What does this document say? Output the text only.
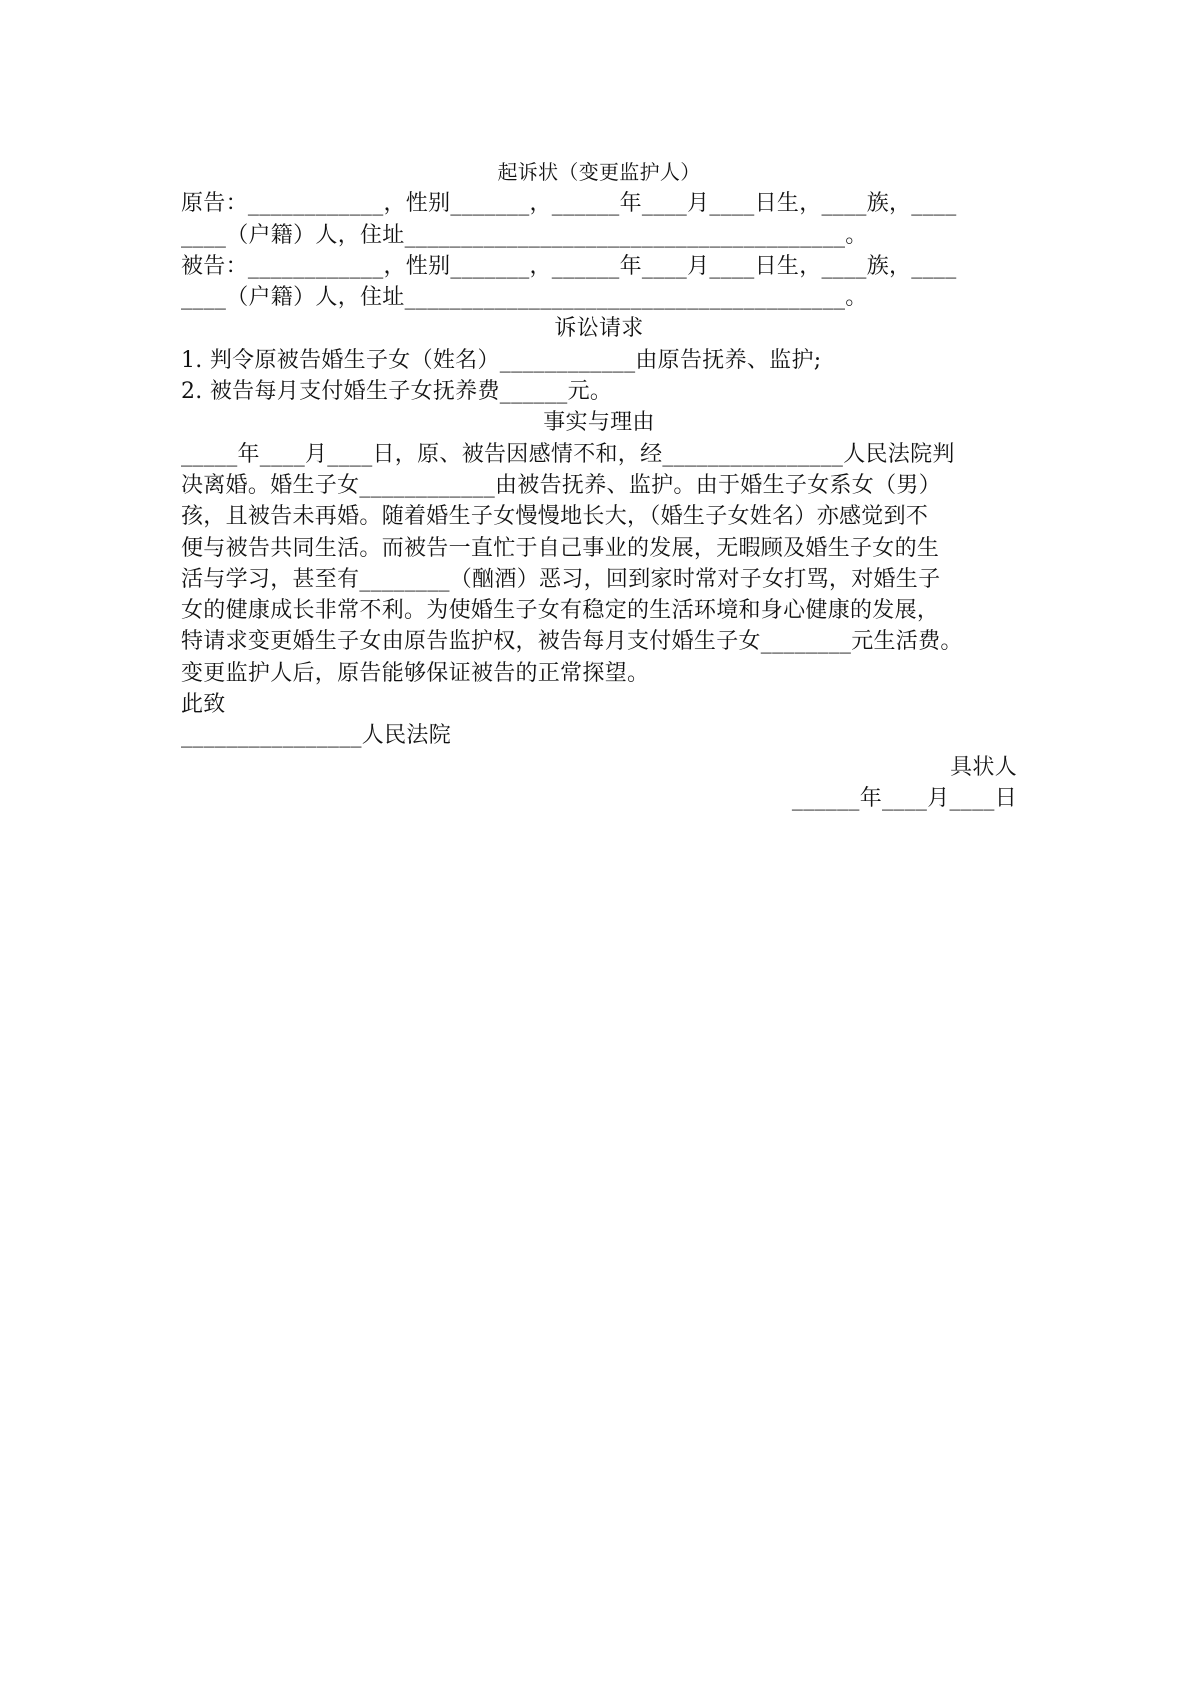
起诉状（变更监护人）
原告：____________，性别_______，______年____月____日生，____族，____
____（户籍）人，住址_______________________________________。
被告：____________，性别_______，______年____月____日生，____族，____
____（户籍）人，住址_______________________________________。
诉讼请求
1. 判令原被告婚生子女（姓名）____________由原告抚养、监护;
2. 被告每月支付婚生子女抚养费______元。
事实与理由
_____年____月____日，原、被告因感情不和，经________________人民法院判
决离婚。婚生子女____________由被告抚养、监护。由于婚生子女系女（男）
孩，且被告未再婚。随着婚生子女慢慢地长大，（婚生子女姓名）亦感觉到不
便与被告共同生活。而被告一直忙于自己事业的发展，无暇顾及婚生子女的生
活与学习，甚至有________（酗酒）恶习，回到家时常对子女打骂，对婚生子
女的健康成长非常不利。为使婚生子女有稳定的生活环境和身心健康的发展，
特请求变更婚生子女由原告监护权，被告每月支付婚生子女________元生活费。
变更监护人后，原告能够保证被告的正常探望。
此致
________________人民法院
具状人
______年____月____日
